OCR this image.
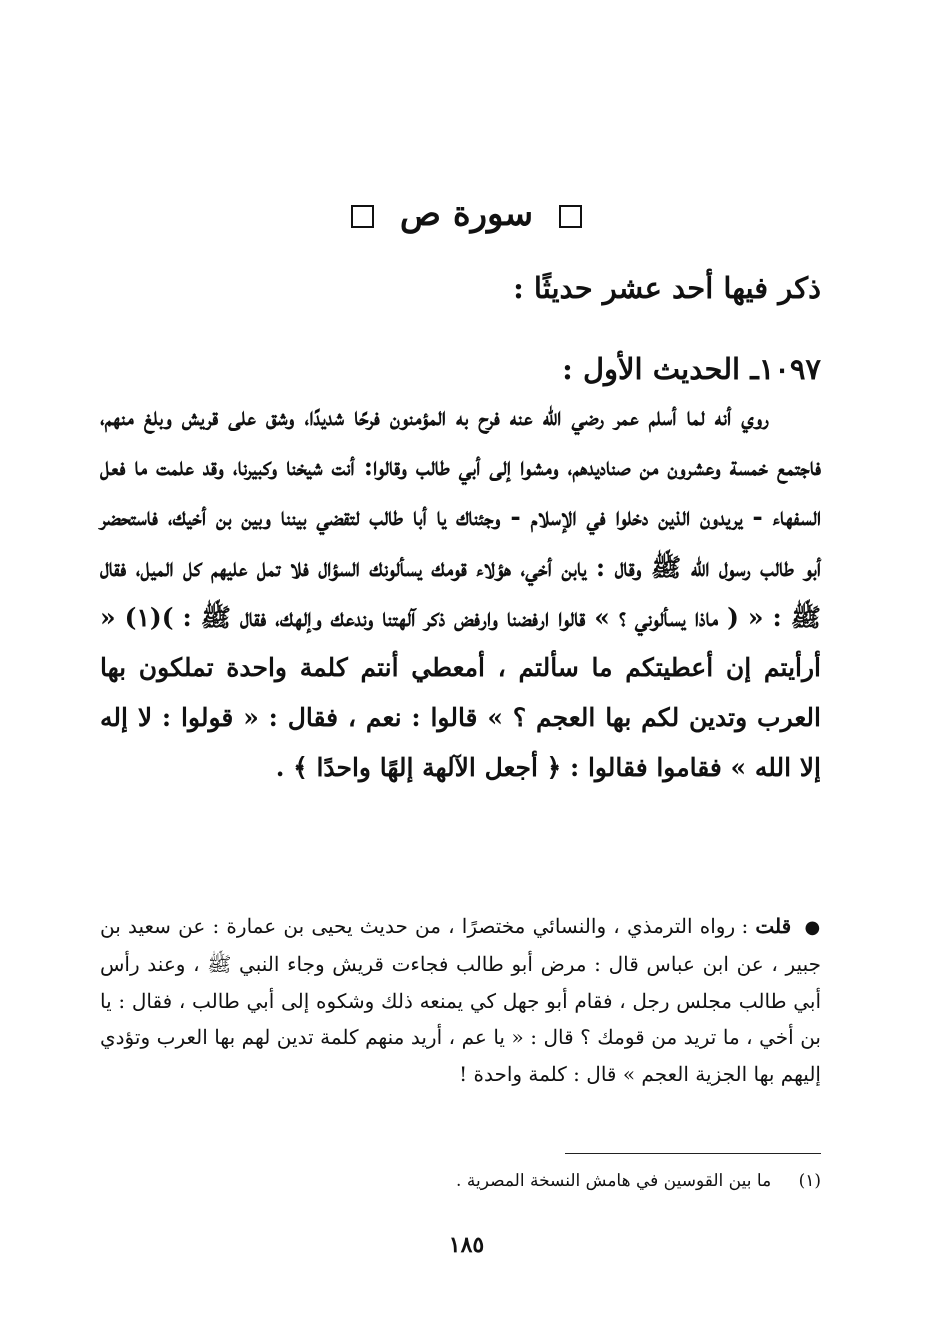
سورة ص
ذكر فيها أحد عشر حديثًا :
١٠٩٧ـ الحديث الأول :
روي أنه لما أسلم عمر رضي الله عنه فرح به المؤمنون فرحًا شديدًا، وشق على قريش وبلغ منهم، فاجتمع خمسة وعشرون من صناديدهم، ومشوا إلى أبي طالب وقالوا: أنت شيخنا وكبيرنا، وقد علمت ما فعل السفهاء - يريدون الذين دخلوا في الإسلام - وجئناك يا أبا طالب لتقضي بيننا وبين بن أخيك، فاستحضر أبو طالب رسول الله ﷺ وقال : يابن أخي، هؤلاء قومك يسألونك السؤال فلا تمل عليهم كل الميل، فقال ﷺ : « ( ماذا يسألوني ؟ » قالوا ارفضنا وارفض ذكر آلهتنا وندعك وإلهك، فقال ﷺ : )(١) « أرأيتم إن أعطيتكم ما سألتم ، أمعطي أنتم كلمة واحدة تملكون بها العرب وتدين لكم بها العجم ؟ » قالوا : نعم ، فقال : « قولوا : لا إله إلا الله » فقاموا فقالوا : ﴿ أجعل الآلهة إلهًا واحدًا ﴾ .
● قلت : رواه الترمذي ، والنسائي مختصرًا ، من حديث يحيى بن عمارة : عن سعيد بن جبير ، عن ابن عباس قال : مرض أبو طالب فجاءت قريش وجاء النبي ﷺ ، وعند رأس أبي طالب مجلس رجل ، فقام أبو جهل كي يمنعه ذلك وشكوه إلى أبي طالب ، فقال : يا بن أخي ، ما تريد من قومك ؟ قال : « يا عم ، أريد منهم كلمة تدين لهم بها العرب وتؤدي إليهم بها الجزية العجم » قال : كلمة واحدة !
(١) ما بين القوسين في هامش النسخة المصرية .
١٨٥
